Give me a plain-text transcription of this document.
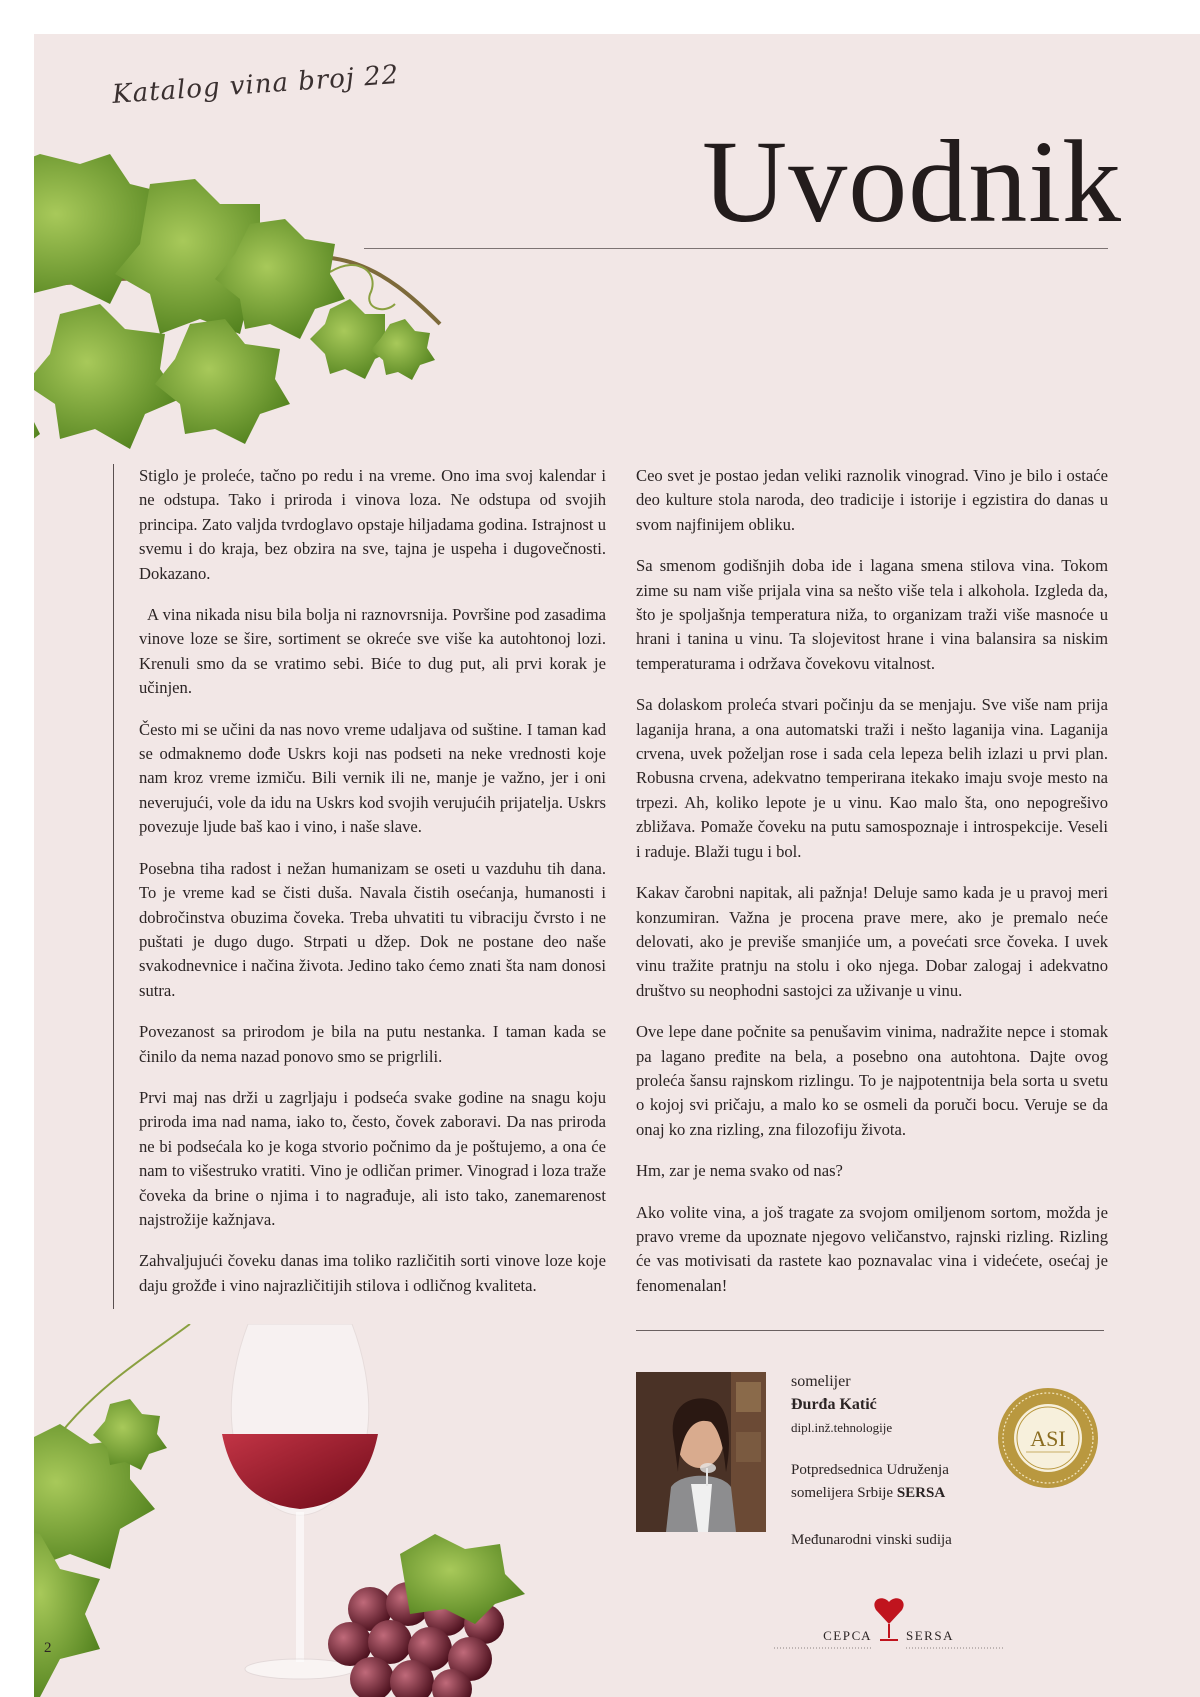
Katalog vina broj 22
Uvodnik

Stiglo je proleće, tačno po redu i na vreme. Ono ima svoj kalendar i ne odstupa. Tako i priroda i vinova loza. Ne odstupa od svojih principa. Zato valjda tvrdoglavo opstaje hiljadama godina. Istrajnost u svemu i do kraja, bez obzira na sve, tajna je uspeha i dugovečnosti. Dokazano.

A vina nikada nisu bila bolja ni raznovrsnija. Površine pod zasadima vinove loze se šire, sortiment se okreće sve više ka autohtonoj lozi. Krenuli smo da se vratimo sebi. Biće to dug put, ali prvi korak je učinjen.

Često mi se učini da nas novo vreme udaljava od suštine. I taman kad se odmaknemo dođe Uskrs koji nas podseti na neke vrednosti koje nam kroz vreme izmiču. Bili vernik ili ne, manje je važno, jer i oni neverujući, vole da idu na Uskrs kod svojih verujućih prijatelja. Uskrs povezuje ljude baš kao i vino, i naše slave.

Posebna tiha radost i nežan humanizam se oseti u vazduhu tih dana. To je vreme kad se čisti duša. Navala čistih osećanja, humanosti i dobročinstva obuzima čoveka. Treba uhvatiti tu vibraciju čvrsto i ne puštati je dugo dugo. Strpati u džep. Dok ne postane deo naše svakodnevnice i načina života. Jedino tako ćemo znati šta nam donosi sutra.

Povezanost sa prirodom je bila na putu nestanka. I taman kada se činilo da nema nazad ponovo smo se prigrlili.

Prvi maj nas drži u zagrljaju i podseća svake godine na snagu koju priroda ima nad nama, iako to, često, čovek zaboravi. Da nas priroda ne bi podsećala ko je koga stvorio počnimo da je poštujemo, a ona će nam to višestruko vratiti. Vino je odličan primer. Vinograd i loza traže čoveka da brine o njima i to nagrađuje, ali isto tako, zanemarenost najstrožije kažnjava.

Zahvaljujući čoveku danas ima toliko različitih sorti vinove loze koje daju grožđe i vino najrazličitijih stilova i odličnog kvaliteta.

Ceo svet je postao jedan veliki raznolik vinograd. Vino je bilo i ostaće deo kulture stola naroda, deo tradicije i istorije i egzistira do danas u svom najfinijem obliku.

Sa smenom godišnjih doba ide i lagana smena stilova vina. Tokom zime su nam više prijala vina sa nešto više tela i alkohola. Izgleda da, što je spoljašnja temperatura niža, to organizam traži više masnoće u hrani i tanina u vinu. Ta slojevitost hrane i vina balansira sa niskim temperaturama i održava čovekovu vitalnost.

Sa dolaskom proleća stvari počinju da se menjaju. Sve više nam prija laganija hrana, a ona automatski traži i nešto laganija vina. Laganija crvena, uvek poželjan rose i sada cela lepeza belih izlazi u prvi plan. Robusna crvena, adekvatno temperirana itekako imaju svoje mesto na trpezi. Ah, koliko lepote je u vinu. Kao malo šta, ono nepogrešivo zbližava. Pomaže čoveku na putu samospoznaje i introspekcije. Veseli i raduje. Blaži tugu i bol.

Kakav čarobni napitak, ali pažnja! Deluje samo kada je u pravoj meri konzumiran. Važna je procena prave mere, ako je premalo neće delovati, ako je previše smanjiće um, a povećati srce čoveka. I uvek vinu tražite pratnju na stolu i oko njega. Dobar zalogaj i adekvatno društvo su neophodni sastojci za uživanje u vinu.

Ove lepe dane počnite sa penušavim vinima, nadražite nepce i stomak pa lagano pređite na bela, a posebno ona autohtona. Dajte ovog proleća šansu rajnskom rizlingu. To je najpotentnija bela sorta u svetu o kojoj svi pričaju, a malo ko se osmeli da poruči bocu. Veruje se da onaj ko zna rizling, zna filozofiju života.

Hm, zar je nema svako od nas?

Ako volite vina, a još tragate za svojom omiljenom sortom, možda je pravo vreme da upoznate njegovo veličanstvo, rajnski rizling. Rizling će vas motivisati da rastete kao poznavalac vina i videćete, osećaj je fenomenalan!

somelijer
Đurđa Katić
dipl.inž.tehnologije
Potpredsednica Udruženja
somelijera Srbije SERSA
Međunarodni vinski sudija
ASI
СЕРСА	SERSA
2
